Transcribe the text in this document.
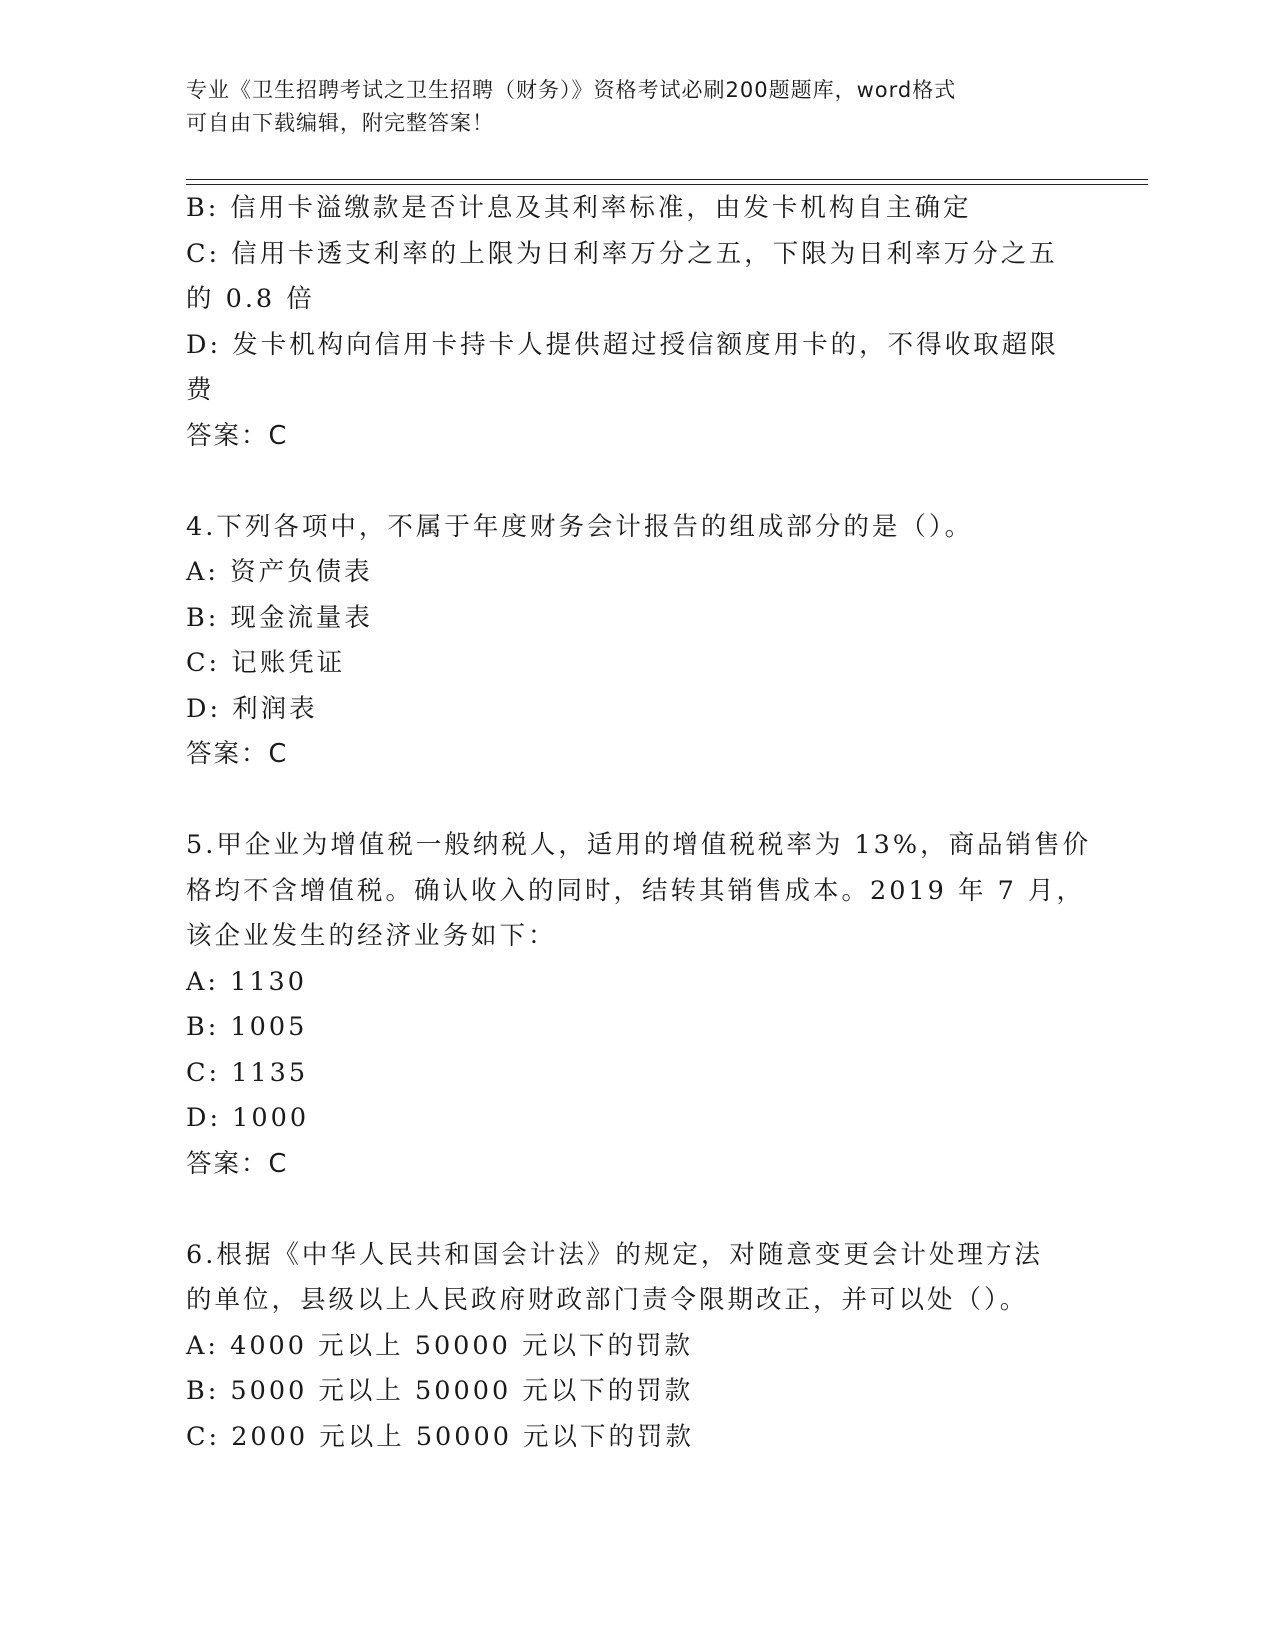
专业《卫生招聘考试之卫生招聘（财务）》资格考试必刷200题题库，word格式
可自由下载编辑，附完整答案！
B: 信用卡溢缴款是否计息及其利率标准，由发卡机构自主确定
C: 信用卡透支利率的上限为日利率万分之五，下限为日利率万分之五
的 0.8 倍
D: 发卡机构向信用卡持卡人提供超过授信额度用卡的，不得收取超限
费
答案：C
4.下列各项中，不属于年度财务会计报告的组成部分的是（）。
A: 资产负债表
B: 现金流量表
C: 记账凭证
D: 利润表
答案：C
5.甲企业为增值税一般纳税人，适用的增值税税率为 13%，商品销售价
格均不含增值税。确认收入的同时，结转其销售成本。2019 年 7 月，
该企业发生的经济业务如下：
A: 1130
B: 1005
C: 1135
D: 1000
答案：C
6.根据《中华人民共和国会计法》的规定，对随意变更会计处理方法
的单位，县级以上人民政府财政部门责令限期改正，并可以处（）。
A: 4000 元以上 50000 元以下的罚款
B: 5000 元以上 50000 元以下的罚款
C: 2000 元以上 50000 元以下的罚款
